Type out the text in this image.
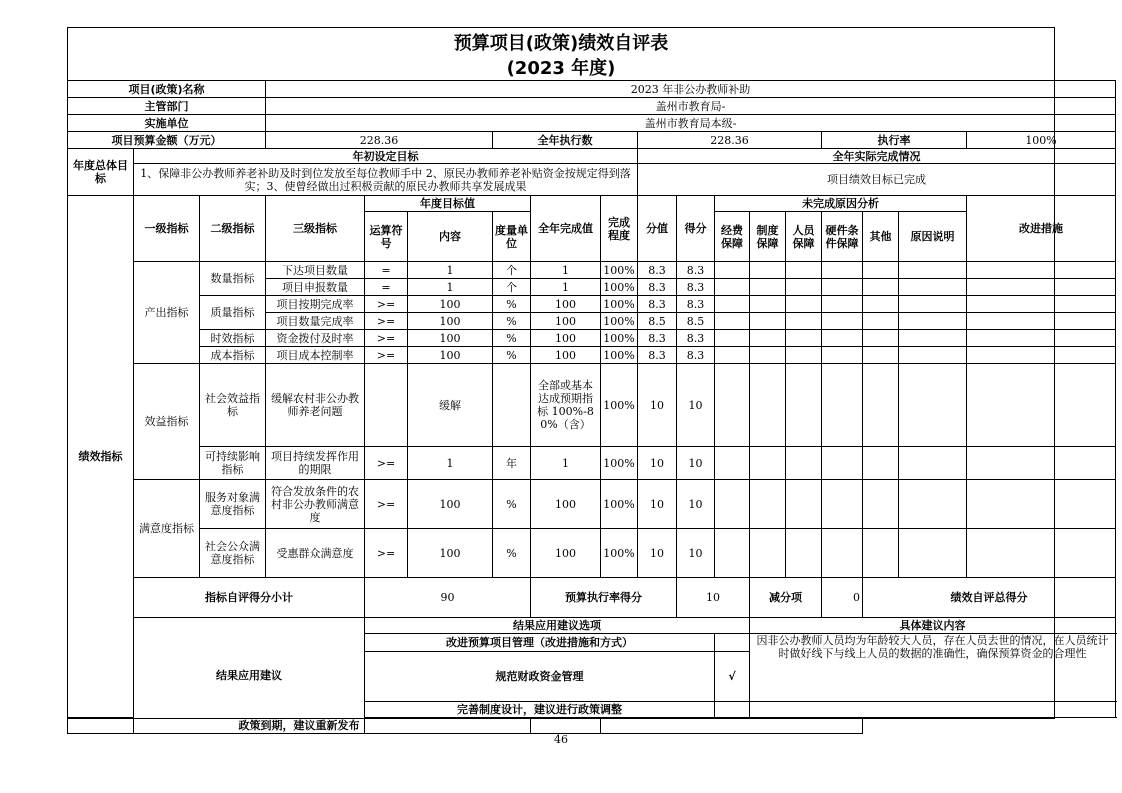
预算项目(政策)绩效自评表
(2023 年度)
项目(政策)名称			2023 年非公办教师补助															
主管部门			盖州市教育局-															
实施单位			盖州市教育局本级-															
项目预算金额（万元）			228.36			全年执行数			228.36					执行率			100%	
年度总体目标	年初设定目标								全年实际完成情况									
	1、保障非公办教师养老补助及时到位发放至每位教师手中 2、原民办教师养老补贴资金按规定得到落实；3、使曾经做出过积极贡献的原民办教师共享发展成果								项目绩效目标已完成									
绩效指标	一级指标	二级指标	三级指标	年度目标值			全年完成值	完成程度	分值	得分	未完成原因分析						改进措施	
				运算符号	内容	度量单位					经费保障	制度保障	人员保障	硬件条件保障	其他	原因说明		
	产出指标	数量指标	下达项目数量	=	1	个	1	100%	8.3	8.3								
			项目申报数量	=	1	个	1	100%	8.3	8.3								
		质量指标	项目按期完成率	>=	100	%	100	100%	8.3	8.3								
			项目数量完成率	>=	100	%	100	100%	8.5	8.5								
		时效指标	资金拨付及时率	>=	100	%	100	100%	8.3	8.3								
		成本指标	项目成本控制率	>=	100	%	100	100%	8.3	8.3								
	效益指标	社会效益指标	缓解农村非公办教师养老问题		缓解		全部或基本达成预期指标 100%-80%（含）	100%	10	10								
		可持续影响指标	项目持续发挥作用的期限	>=	1	年	1	100%	10	10								
	满意度指标	服务对象满意度指标	符合发放条件的农村非公办教师满意度	>=	100	%	100	100%	10	10								
		社会公众满意度指标	受惠群众满意度	>=	100	%	100	100%	10	10								
	指标自评得分小计			90			预算执行率得分			10		减分项		0	绩效自评总得分	
	结果应用建议			结果应用建议选项								具体建议内容						
				改进预算项目管理（改进措施和方式）								因非公办教师人员均为年龄较大人员，存在人员去世的情况，在人员统计时做好线下与线上人员的数据的准确性，确保预算资金的合理性						
				规范财政资金管理							√							
				完善制度设计，建议进行政策调整														
政策到期，建议重新发布																		
46
